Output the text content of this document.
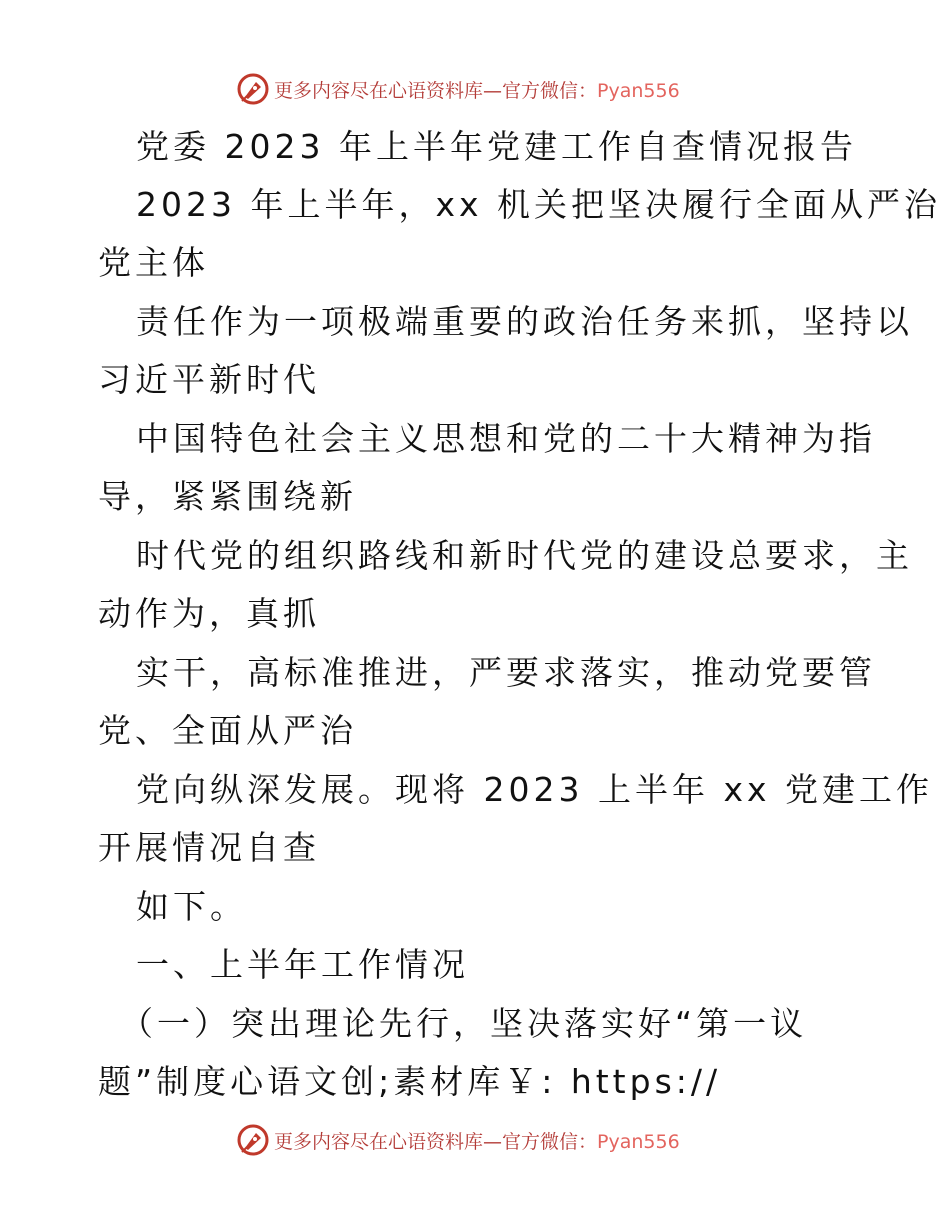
更多内容尽在心语资料库—官方微信：Pyan556
党委 2023 年上半年党建工作自查情况报告
2023 年上半年，xx 机关把坚决履行全面从严治
党主体
责任作为一项极端重要的政治任务来抓，坚持以
习近平新时代
中国特色社会主义思想和党的二十大精神为指
导，紧紧围绕新
时代党的组织路线和新时代党的建设总要求，主
动作为，真抓
实干，高标准推进，严要求落实，推动党要管
党、全面从严治
党向纵深发展。现将 2023 上半年 xx 党建工作
开展情况自查
如下。
一、上半年工作情况
（一）突出理论先行，坚决落实好“第一议
题”制度心语文创;素材库￥: https://
更多内容尽在心语资料库—官方微信：Pyan556
